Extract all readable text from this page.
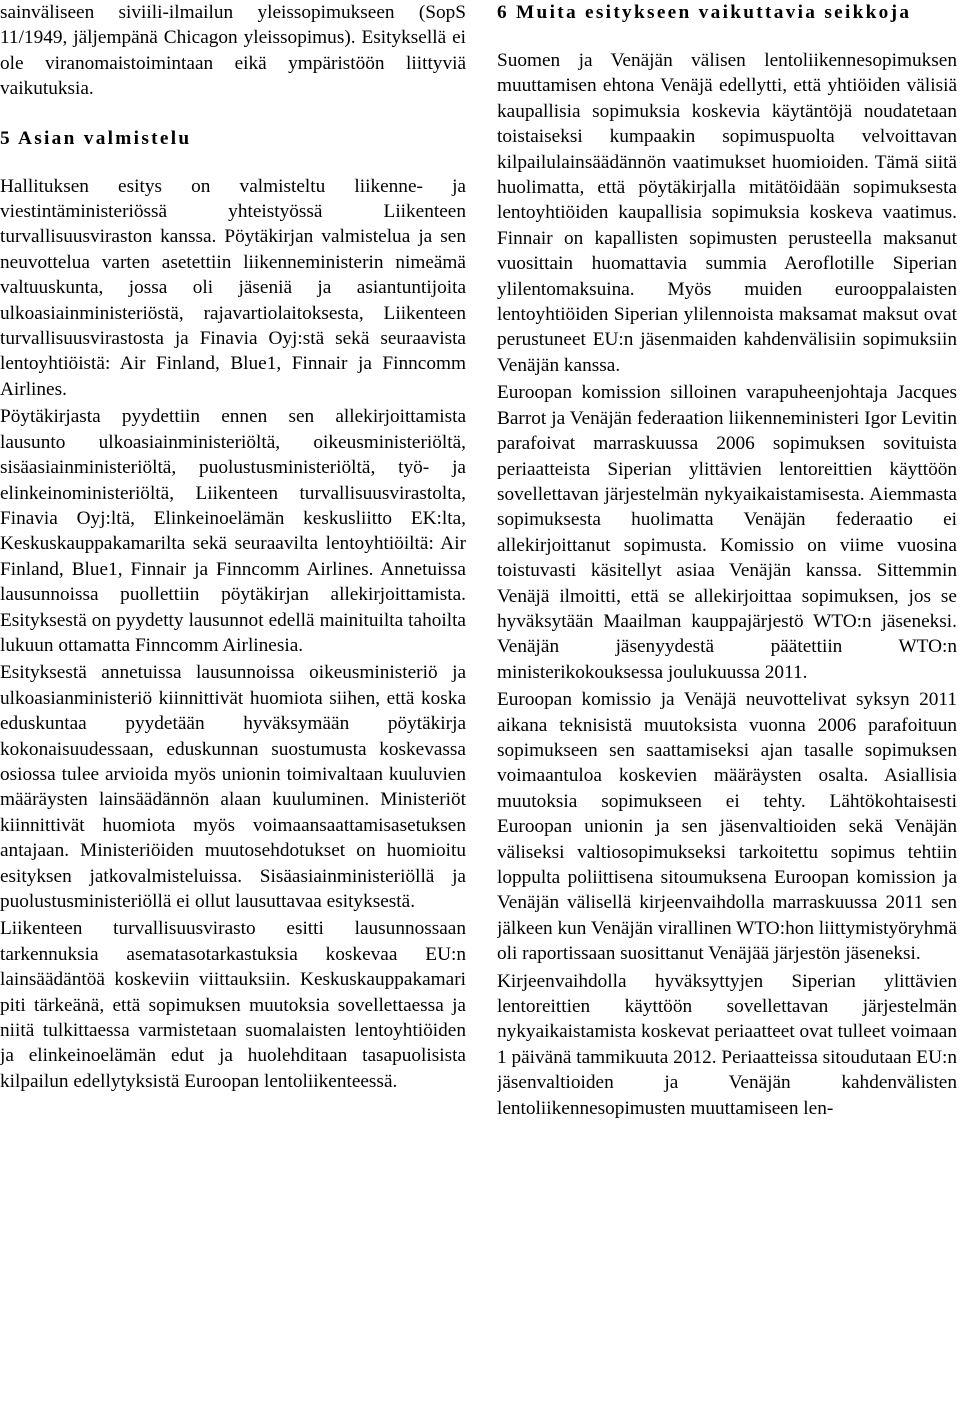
sainväliseen siviili-ilmailun yleissopimukseen (SopS 11/1949, jäljempänä Chicagon yleissopimus). Esityksellä ei ole viranomaistoimintaan eikä ympäristöön liittyviä vaikutuksia.

5 Asian valmistelu

Hallituksen esitys on valmisteltu liikenne- ja viestintäministeriössä yhteistyössä Liikenteen turvallisuusviraston kanssa. Pöytäkirjan valmistelua ja sen neuvottelua varten asetettiin liikenneministerin nimeämä valtuuskunta, jossa oli jäseniä ja asiantuntijoita ulkoasiainministeriöstä, rajavartiolaitoksesta, Liikenteen turvallisuusvirastosta ja Finavia Oyj:stä sekä seuraavista lentoyhtiöistä: Air Finland, Blue1, Finnair ja Finncomm Airlines.

Pöytäkirjasta pyydettiin ennen sen allekirjoittamista lausunto ulkoasiainministeriöltä, oikeusministeriöltä, sisäasiainministeriöltä, puolustusministeriöltä, työ- ja elinkeinoministeriöltä, Liikenteen turvallisuusvirastolta, Finavia Oyj:ltä, Elinkeinoelämän keskusliitto EK:lta, Keskuskauppakamarilta sekä seuraavilta lentoyhtiöiltä: Air Finland, Blue1, Finnair ja Finncomm Airlines. Annetuissa lausunnoissa puollettiin pöytäkirjan allekirjoittamista. Esityksestä on pyydetty lausunnot edellä mainituilta tahoilta lukuun ottamatta Finncomm Airlinesia.

Esityksestä annetuissa lausunnoissa oikeusministeriö ja ulkoasianministeriö kiinnittivät huomiota siihen, että koska eduskuntaa pyydetään hyväksymään pöytäkirja kokonaisuudessaan, eduskunnan suostumusta koskevassa osiossa tulee arvioida myös unionin toimivaltaan kuuluvien määräysten lainsäädännön alaan kuuluminen. Ministeriöt kiinnittivät huomiota myös voimaansaattamisasetuksen antajaan. Ministeriöiden muutosehdotukset on huomioitu esityksen jatkovalmisteluissa. Sisäasiainministeriöllä ja puolustusministeriöllä ei ollut lausuttavaa esityksestä.

Liikenteen turvallisuusvirasto esitti lausunnossaan tarkennuksia asematasotarkastuksia koskevaa EU:n lainsäädäntöä koskeviin viittauksiin. Keskuskauppakamari piti tärkeänä, että sopimuksen muutoksia sovellettaessa ja niitä tulkittaessa varmistetaan suomalaisten lentoyhtiöiden ja elinkeinoelämän edut ja huolehditaan tasapuolisista kilpailun edellytyksistä Euroopan lentoliikenteessä.

6 Muita esitykseen vaikuttavia seikkoja

Suomen ja Venäjän välisen lentoliikennesopimuksen muuttamisen ehtona Venäjä edellytti, että yhtiöiden välisiä kaupallisia sopimuksia koskevia käytäntöjä noudatetaan toistaiseksi kumpaakin sopimuspuolta velvoittavan kilpailulainsäädännön vaatimukset huomioiden. Tämä siitä huolimatta, että pöytäkirjalla mitätöidään sopimuksesta lentoyhtiöiden kaupallisia sopimuksia koskeva vaatimus. Finnair on kapallisten sopimusten perusteella maksanut vuosittain huomattavia summia Aeroflotille Siperian ylilentomaksuina. Myös muiden eurooppalaisten lentoyhtiöiden Siperian ylilennoista maksamat maksut ovat perustuneet EU:n jäsenmaiden kahdenvälisiin sopimuksiin Venäjän kanssa.

Euroopan komission silloinen varapuheenjohtaja Jacques Barrot ja Venäjän federaation liikenneministeri Igor Levitin parafoivat marraskuussa 2006 sopimuksen sovituista periaatteista Siperian ylittävien lentoreittien käyttöön sovellettavan järjestelmän nykyaikaistamisesta. Aiemmasta sopimuksesta huolimatta Venäjän federaatio ei allekirjoittanut sopimusta. Komissio on viime vuosina toistuvasti käsitellyt asiaa Venäjän kanssa. Sittemmin Venäjä ilmoitti, että se allekirjoittaa sopimuksen, jos se hyväksytään Maailman kauppajärjestö WTO:n jäseneksi. Venäjän jäsenyydestä päätettiin WTO:n ministerikokouksessa joulukuussa 2011.

Euroopan komissio ja Venäjä neuvottelivat syksyn 2011 aikana teknisistä muutoksista vuonna 2006 parafoituun sopimukseen sen saattamiseksi ajan tasalle sopimuksen voimaantuloa koskevien määräysten osalta. Asiallisia muutoksia sopimukseen ei tehty. Lähtökohtaisesti Euroopan unionin ja sen jäsenvaltioiden sekä Venäjän väliseksi valtiosopimukseksi tarkoitettu sopimus tehtiin loppulta poliittisena sitoumuksena Euroopan komission ja Venäjän välisellä kirjeenvaihdolla marraskuussa 2011 sen jälkeen kun Venäjän virallinen WTO:hon liittymistyöryhmä oli raportissaan suosittanut Venäjää järjestön jäseneksi.

Kirjeenvaihdolla hyväksyttyjen Siperian ylittävien lentoreittien käyttöön sovellettavan järjestelmän nykyaikaistamista koskevat periaatteet ovat tulleet voimaan 1 päivänä tammikuuta 2012. Periaatteissa sitoudutaan EU:n jäsenvaltioiden ja Venäjän kahdenvälisten lentoliikennesopimusten muuttamiseen len-
